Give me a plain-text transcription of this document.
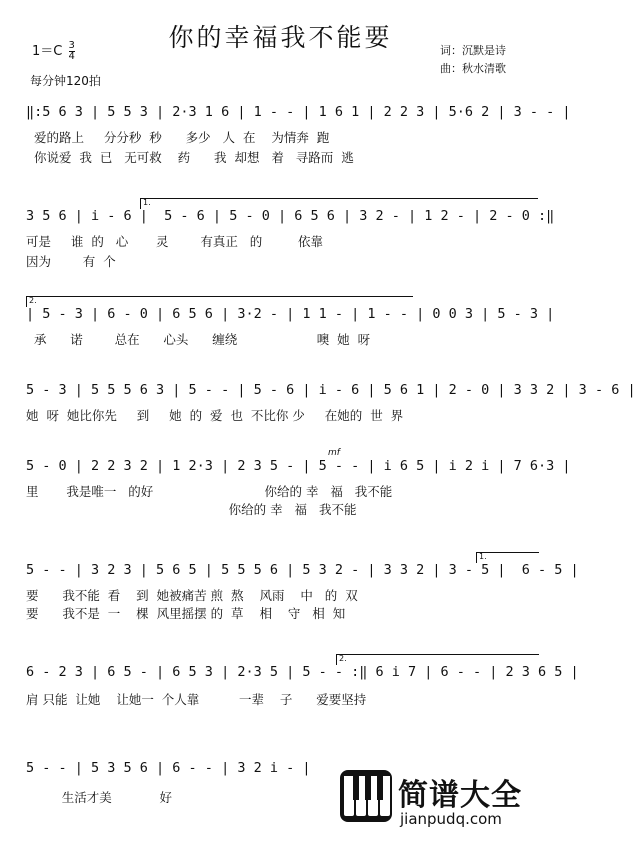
你的幸福我不能要
$1=C \frac{3}{4}$
每分钟120拍
词：沉默是诗
曲：秋水清歌
‖:5 6 3 | 5 5 3 | 2·3 1 6 | 1 - - | 1 6 1 | 2 2 3 | 5·6 2 | 3 - - |
爱的路上     分分秒  秒      多少   人  在    为情奔  跑
你说爱  我  已   无可救    药      我  却想   着   寻路而  逃
1.
3 5 6 | i - 6 |  5 - 6 | 5 - 0 | 6 5 6 | 3 2 - | 1 2 - | 2 - 0 :‖
可是     谁  的   心       灵        有真正   的         依靠
因为        有  个
2.
| 5 - 3 | 6 - 0 | 6 5 6 | 3·2 - | 1 1 - | 1 - - | 0 0 3 | 5 - 3 |
承      诺        总在      心头      缠绕                    噢  她  呀
5 - 3 | 5 5 5 6 3 | 5 - - | 5 - 6 | i - 6 | 5 6 1 | 2 - 0 | 3 3 2 | 3 - 6 |
她  呀  她比你先     到     她  的  爱  也  不比你 少     在她的  世  界
mf
5 - 0 | 2 2 3 2 | 1 2·3 | 2 3 5 - | 5 - - | i 6 5 | i 2 i | 7 6·3 |
里       我是唯一   的好                            你给的 幸   福   我不能
你给的 幸   福   我不能
1.
5 - - | 3 2 3 | 5 6 5 | 5 5 5 6 | 5 3 2 - | 3 3 2 | 3 - 5 |  6 - 5 |
要      我不能  看    到  她被痛苦 煎  熬    风雨    中   的  双
要      我不是  一    棵  风里摇摆 的  草    相    守   相  知
2.
6 - 2 3 | 6 5 - | 6 5 3 | 2·3 5 | 5 - - :‖ 6 i 7 | 6 - - | 2 3 6 5 |
肩 只能  让她    让她一  个人靠          一辈    子      爱要坚持
5 - - | 5 3 5 6 | 6 - - | 3 2 i - |
生活才美            好	简谱大全
jianpudq.com
